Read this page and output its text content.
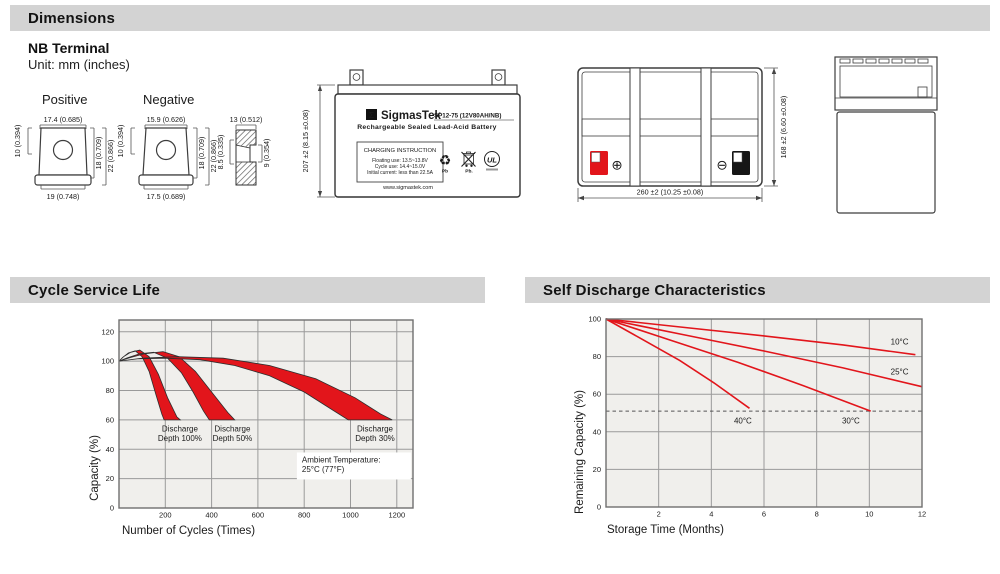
Dimensions
NB Terminal
Unit: mm (inches)
Positive
17.4 (0.685)
19 (0.748)
10 (0.394)	18 (0.709) 22 (0.866)
Negative
15.9 (0.626)
17.5 (0.689)
10 (0.394)	18 (0.709) 22 (0.866)
13 (0.512)
8.5 (0.335)	9 (0.354)	207 ±2 (8.15 ±0.08)	Σ SigmasTek
SP12-75 (12V80AH/NB)
Rechargeable Sealed Lead-Acid Battery
CHARGING INSTRUCTION
Floating use: 13.5~13.8V
Cycle use: 14.4~15.0V
Initial current: less than 22.5A
www.sigmastek.com
♻
Pb	Pb.
UL	⊕	⊖
260 ±2 (10.25 ±0.08)
168 ±2 (6.60 ±0.08)
Cycle Service Life	Self Discharge Characteristics
200	400	600	800	1000	1200
0
20
40
60
80
100
120
Number of Cycles (Times)
Capacity (%)
Discharge
Depth 100%
Discharge
Depth 50%
Discharge
Depth 30%
Ambient Temperature:
25°C (77°F)
10°C
25°C
30°C
40°C
2	4	6	8	10	12
0
20
40
60
80
100
Storage Time (Months)
Remaining Capacity (%)
